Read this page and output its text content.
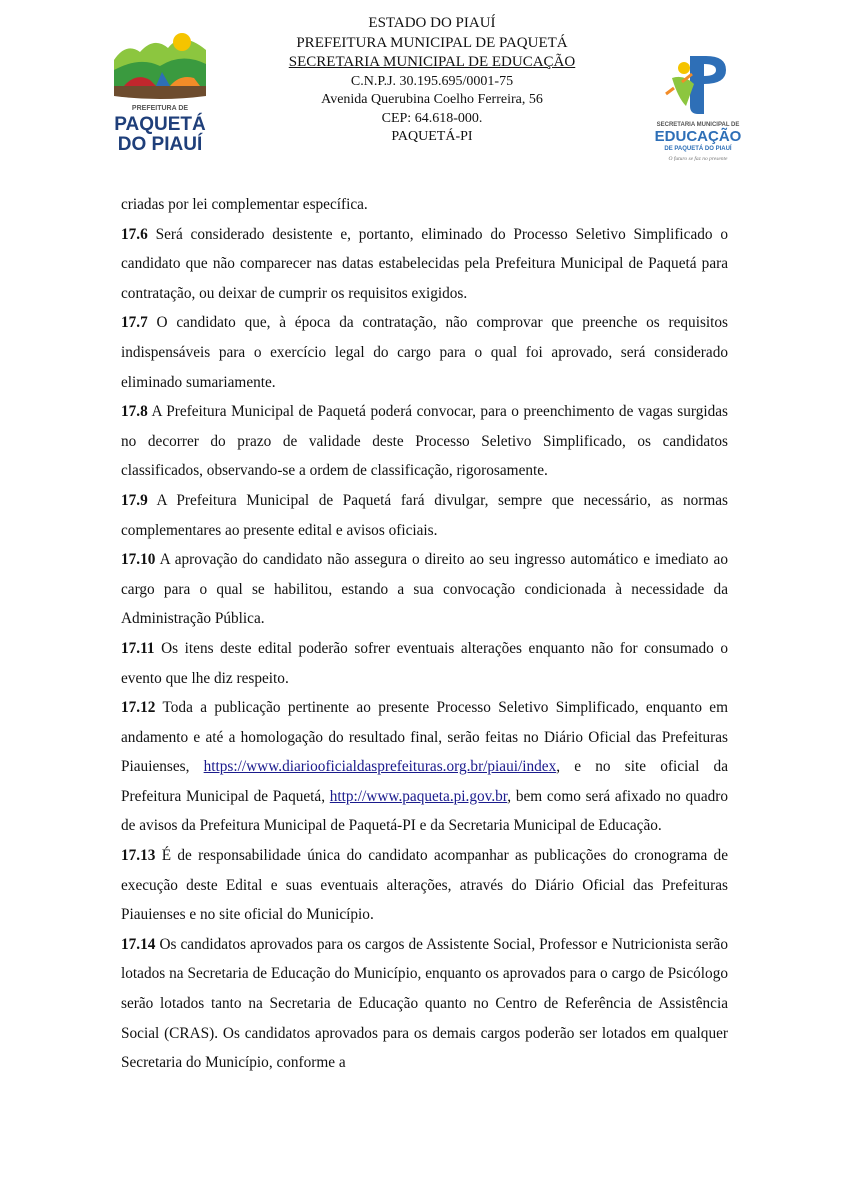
PREFEITURA DE
PAQUETÁ
DO PIAUÍ
ESTADO DO PIAUÍ
PREFEITURA MUNICIPAL DE PAQUETÁ
SECRETARIA MUNICIPAL DE EDUCAÇÃO
C.N.P.J. 30.195.695/0001-75
Avenida Querubina Coelho Ferreira, 56
CEP: 64.618-000.
PAQUETÁ-PI
SECRETARIA MUNICIPAL DE
EDUCAÇÃO
DE PAQUETÁ DO PIAUÍ
O futuro se faz no presente

criadas por lei complementar específica.

17.6 Será considerado desistente e, portanto, eliminado do Processo Seletivo Simplificado o candidato que não comparecer nas datas estabelecidas pela Prefeitura Municipal de Paquetá para contratação, ou deixar de cumprir os requisitos exigidos.

17.7 O candidato que, à época da contratação, não comprovar que preenche os requisitos indispensáveis para o exercício legal do cargo para o qual foi aprovado, será considerado eliminado sumariamente.

17.8 A Prefeitura Municipal de Paquetá poderá convocar, para o preenchimento de vagas surgidas no decorrer do prazo de validade deste Processo Seletivo Simplificado, os candidatos classificados, observando-se a ordem de classificação, rigorosamente.

17.9 A Prefeitura Municipal de Paquetá fará divulgar, sempre que necessário, as normas complementares ao presente edital e avisos oficiais.

17.10 A aprovação do candidato não assegura o direito ao seu ingresso automático e imediato ao cargo para o qual se habilitou, estando a sua convocação condicionada à necessidade da Administração Pública.

17.11 Os itens deste edital poderão sofrer eventuais alterações enquanto não for consumado o evento que lhe diz respeito.

17.12 Toda a publicação pertinente ao presente Processo Seletivo Simplificado, enquanto em andamento e até a homologação do resultado final, serão feitas no Diário Oficial das Prefeituras Piauienses, https://www.diariooficialdasprefeituras.org.br/piaui/index, e no site oficial da Prefeitura Municipal de Paquetá, http://www.paqueta.pi.gov.br, bem como será afixado no quadro de avisos da Prefeitura Municipal de Paquetá-PI e da Secretaria Municipal de Educação.

17.13 É de responsabilidade única do candidato acompanhar as publicações do cronograma de execução deste Edital e suas eventuais alterações, através do Diário Oficial das Prefeituras Piauienses e no site oficial do Município.

17.14 Os candidatos aprovados para os cargos de Assistente Social, Professor e Nutricionista serão lotados na Secretaria de Educação do Município, enquanto os aprovados para o cargo de Psicólogo serão lotados tanto na Secretaria de Educação quanto no Centro de Referência de Assistência Social (CRAS). Os candidatos aprovados para os demais cargos poderão ser lotados em qualquer Secretaria do Município, conforme a
